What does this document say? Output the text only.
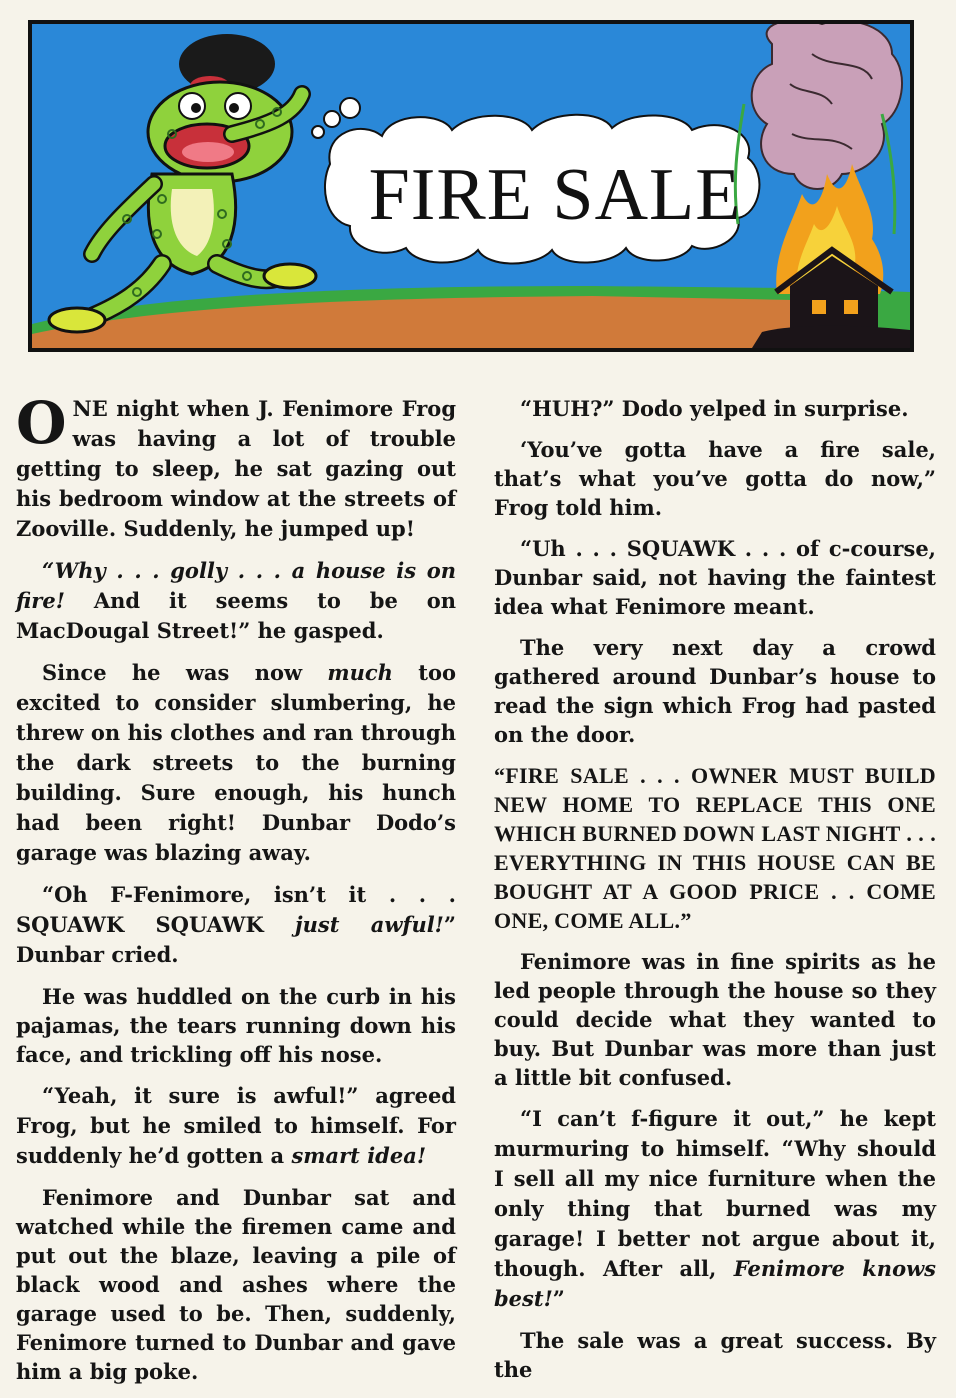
FIRE SALE

ONE night when J. Fenimore Frog was having a lot of trouble getting to sleep, he sat gazing out his bedroom window at the streets of Zooville. Suddenly, he jumped up!

“Why . . . golly . . . a house is on fire! And it seems to be on MacDougal Street!” he gasped.

Since he was now much too excited to consider slumbering, he threw on his clothes and ran through the dark streets to the burning building. Sure enough, his hunch had been right! Dunbar Dodo’s garage was blazing away.

“Oh F-Fenimore, isn’t it . . . SQUAWK SQUAWK just awful!” Dunbar cried.

He was huddled on the curb in his pajamas, the tears running down his face, and trickling off his nose.

“Yeah, it sure is awful!” agreed Frog, but he smiled to himself. For suddenly he’d gotten a smart idea!

Fenimore and Dunbar sat and watched while the firemen came and put out the blaze, leaving a pile of black wood and ashes where the garage used to be. Then, suddenly, Fenimore turned to Dunbar and gave him a big poke.

“HUH?” Dodo yelped in surprise.

‘You’ve gotta have a fire sale, that’s what you’ve gotta do now,” Frog told him.

“Uh . . . SQUAWK . . . of c-course, Dunbar said, not having the faintest idea what Fenimore meant.

The very next day a crowd gathered around Dunbar’s house to read the sign which Frog had pasted on the door.

“FIRE SALE . . . OWNER MUST BUILD NEW HOME TO REPLACE THIS ONE WHICH BURNED DOWN LAST NIGHT . . . EVERYTHING IN THIS HOUSE CAN BE BOUGHT AT A GOOD PRICE . . COME ONE, COME ALL.”

Fenimore was in fine spirits as he led people through the house so they could decide what they wanted to buy. But Dunbar was more than just a little bit confused.

“I can’t f-figure it out,” he kept murmuring to himself. “Why should I sell all my nice furniture when the only thing that burned was my garage! I better not argue about it, though. After all, Fenimore knows best!”

The sale was a great success. By the
